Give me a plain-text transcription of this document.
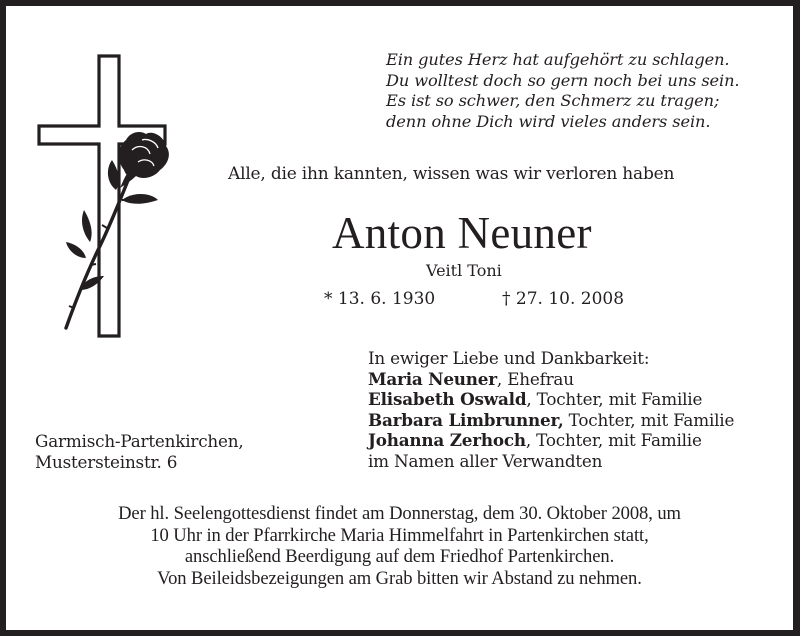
Ein gutes Herz hat aufgehört zu schlagen.
Du wolltest doch so gern noch bei uns sein.
Es ist so schwer, den Schmerz zu tragen;
denn ohne Dich wird vieles anders sein.
Alle, die ihn kannten, wissen was wir verloren haben
Anton Neuner
Veitl Toni
* 13. 6. 1930	† 27. 10. 2008
In ewiger Liebe und Dankbarkeit:
Maria Neuner, Ehefrau
Elisabeth Oswald, Tochter, mit Familie
Barbara Limbrunner, Tochter, mit Familie
Johanna Zerhoch, Tochter, mit Familie
im Namen aller Verwandten
Garmisch-Partenkirchen,
Mustersteinstr. 6
Der hl. Seelengottesdienst findet am Donnerstag, dem 30. Oktober 2008, um
10 Uhr in der Pfarrkirche Maria Himmelfahrt in Partenkirchen statt,
anschließend Beerdigung auf dem Friedhof Partenkirchen.
Von Beileidsbezeigungen am Grab bitten wir Abstand zu nehmen.
